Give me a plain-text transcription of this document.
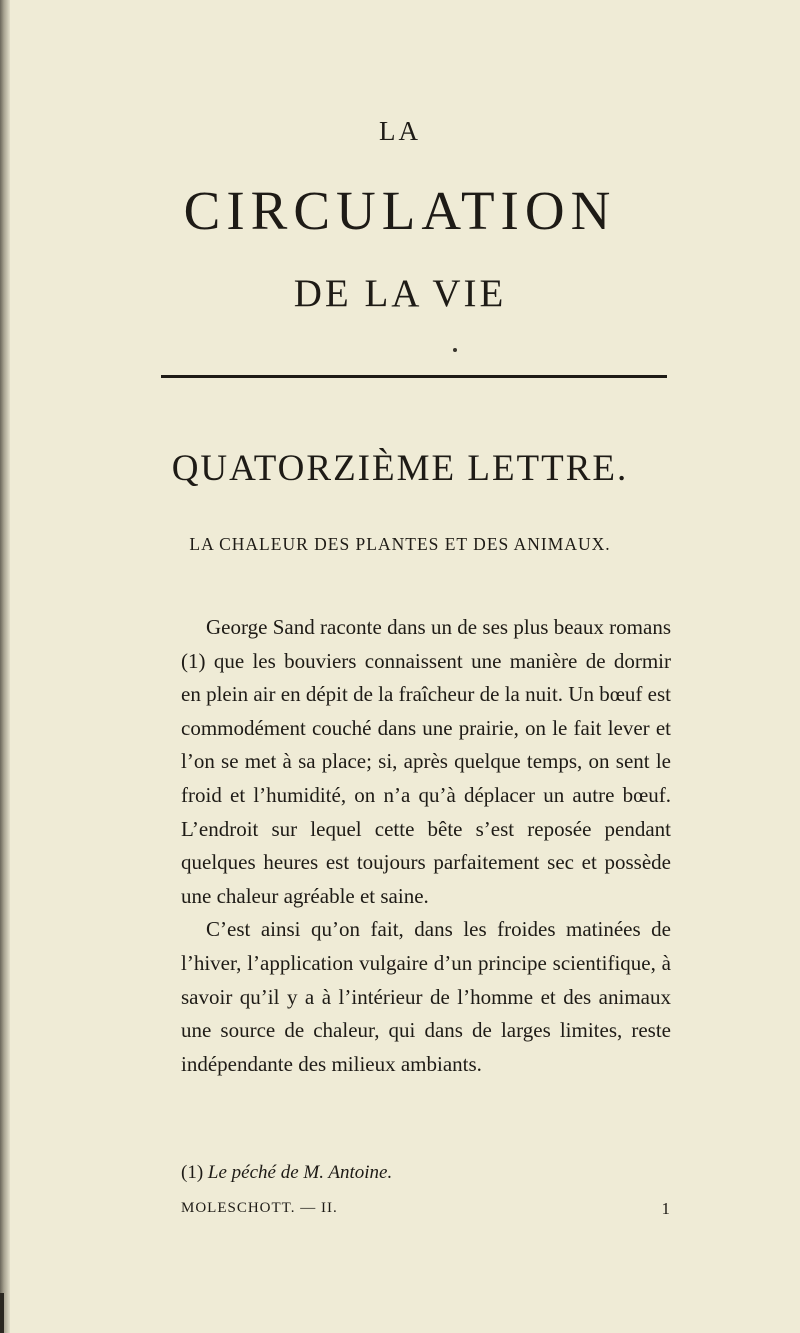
LA
CIRCULATION
DE LA VIE
QUATORZIÈME LETTRE.
LA CHALEUR DES PLANTES ET DES ANIMAUX.

George Sand raconte dans un de ses plus beaux romans (1) que les bouviers connaissent une manière de dormir en plein air en dépit de la fraîcheur de la nuit. Un bœuf est commodément couché dans une prairie, on le fait lever et l’on se met à sa place; si, après quelque temps, on sent le froid et l’humidité, on n’a qu’à déplacer un autre bœuf. L’endroit sur lequel cette bête s’est reposée pendant quelques heures est toujours parfaitement sec et possède une chaleur agréable et saine.

C’est ainsi qu’on fait, dans les froides matinées de l’hiver, l’application vulgaire d’un principe scientifique, à savoir qu’il y a à l’intérieur de l’homme et des animaux une source de chaleur, qui dans de larges limites, reste indépendante des milieux ambiants.

(1) Le péché de M. Antoine.
MOLESCHOTT. — II.	1
